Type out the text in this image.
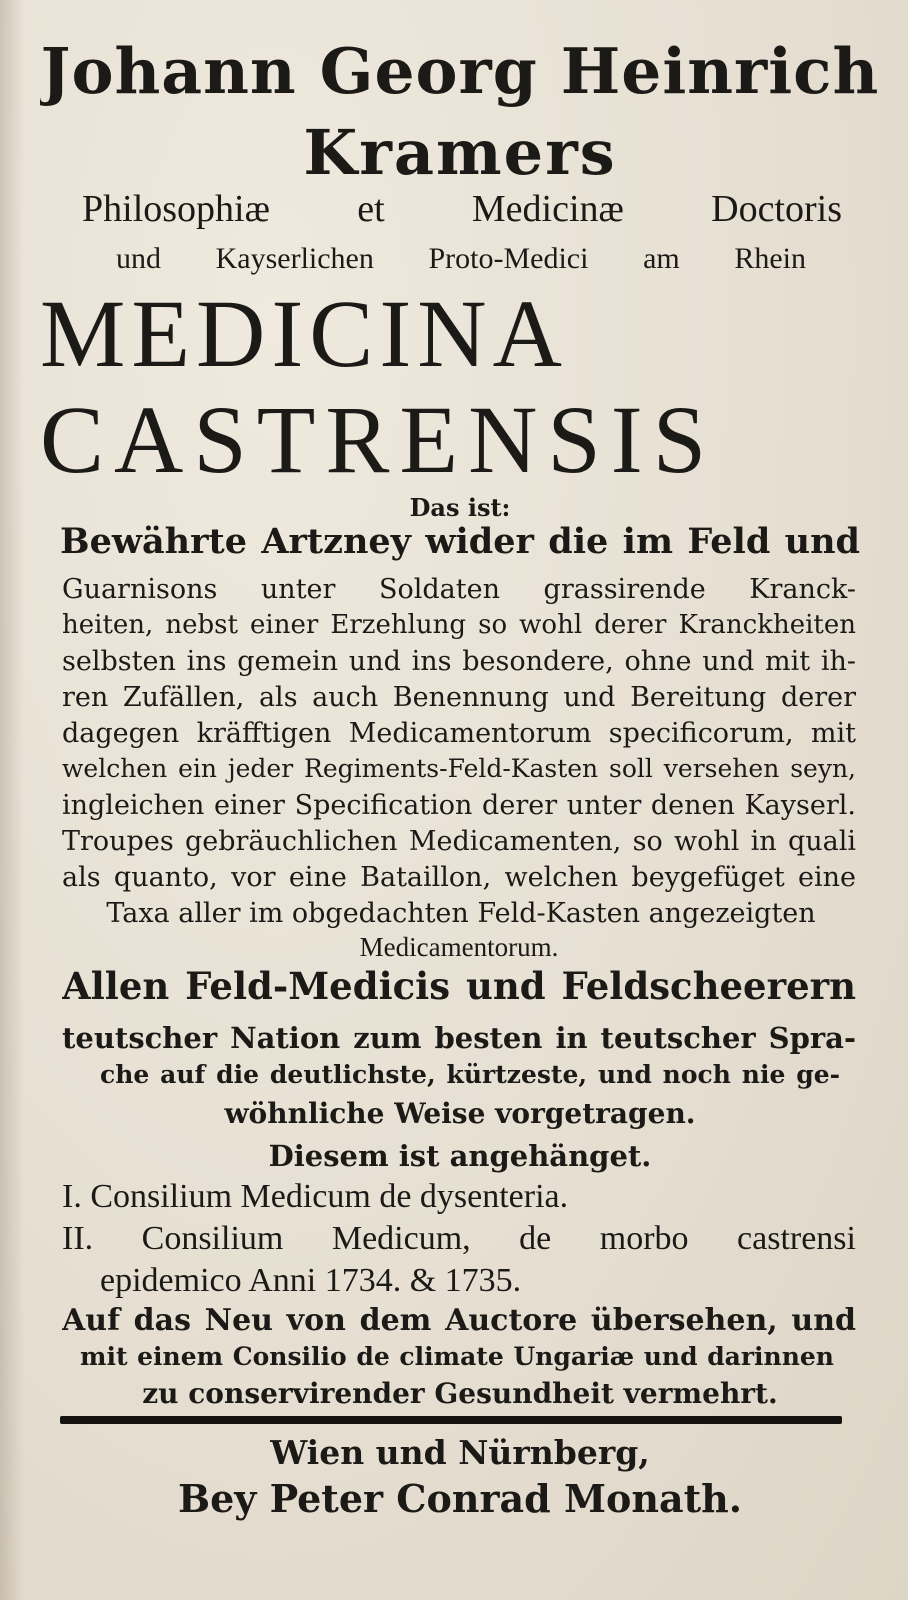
Johann Georg Heinrich
Kramers
Philosophiæ et Medicinæ Doctoris
und Kayserlichen Proto-Medici am Rhein
MEDICINA
CASTRENSIS
Das ist:
Bewährte Artzney wider die im Feld und
Guarnisons unter Soldaten grassirende Kranck-
heiten, nebst einer Erzehlung so wohl derer Kranckheiten
selbsten ins gemein und ins besondere, ohne und mit ih-
ren Zufällen, als auch Benennung und Bereitung derer
dagegen kräfftigen Medicamentorum specificorum, mit
welchen ein jeder Regiments-Feld-Kasten soll versehen seyn,
ingleichen einer Specification derer unter denen Kayserl.
Troupes gebräuchlichen Medicamenten, so wohl in quali
als quanto, vor eine Bataillon, welchen beygefüget eine
Taxa aller im obgedachten Feld-Kasten angezeigten
Medicamentorum.
Allen Feld-Medicis und Feldscheerern
teutscher Nation zum besten in teutscher Spra-
che auf die deutlichste, kürtzeste, und noch nie ge-
wöhnliche Weise vorgetragen.
Diesem ist angehänget.
I. Consilium Medicum de dysenteria.
II. Consilium Medicum, de morbo castrensi
epidemico Anni 1734. & 1735.
Auf das Neu von dem Auctore übersehen, und
mit einem Consilio de climate Ungariæ und darinnen
zu conservirender Gesundheit vermehrt.
Wien und Nürnberg,
Bey Peter Conrad Monath.
